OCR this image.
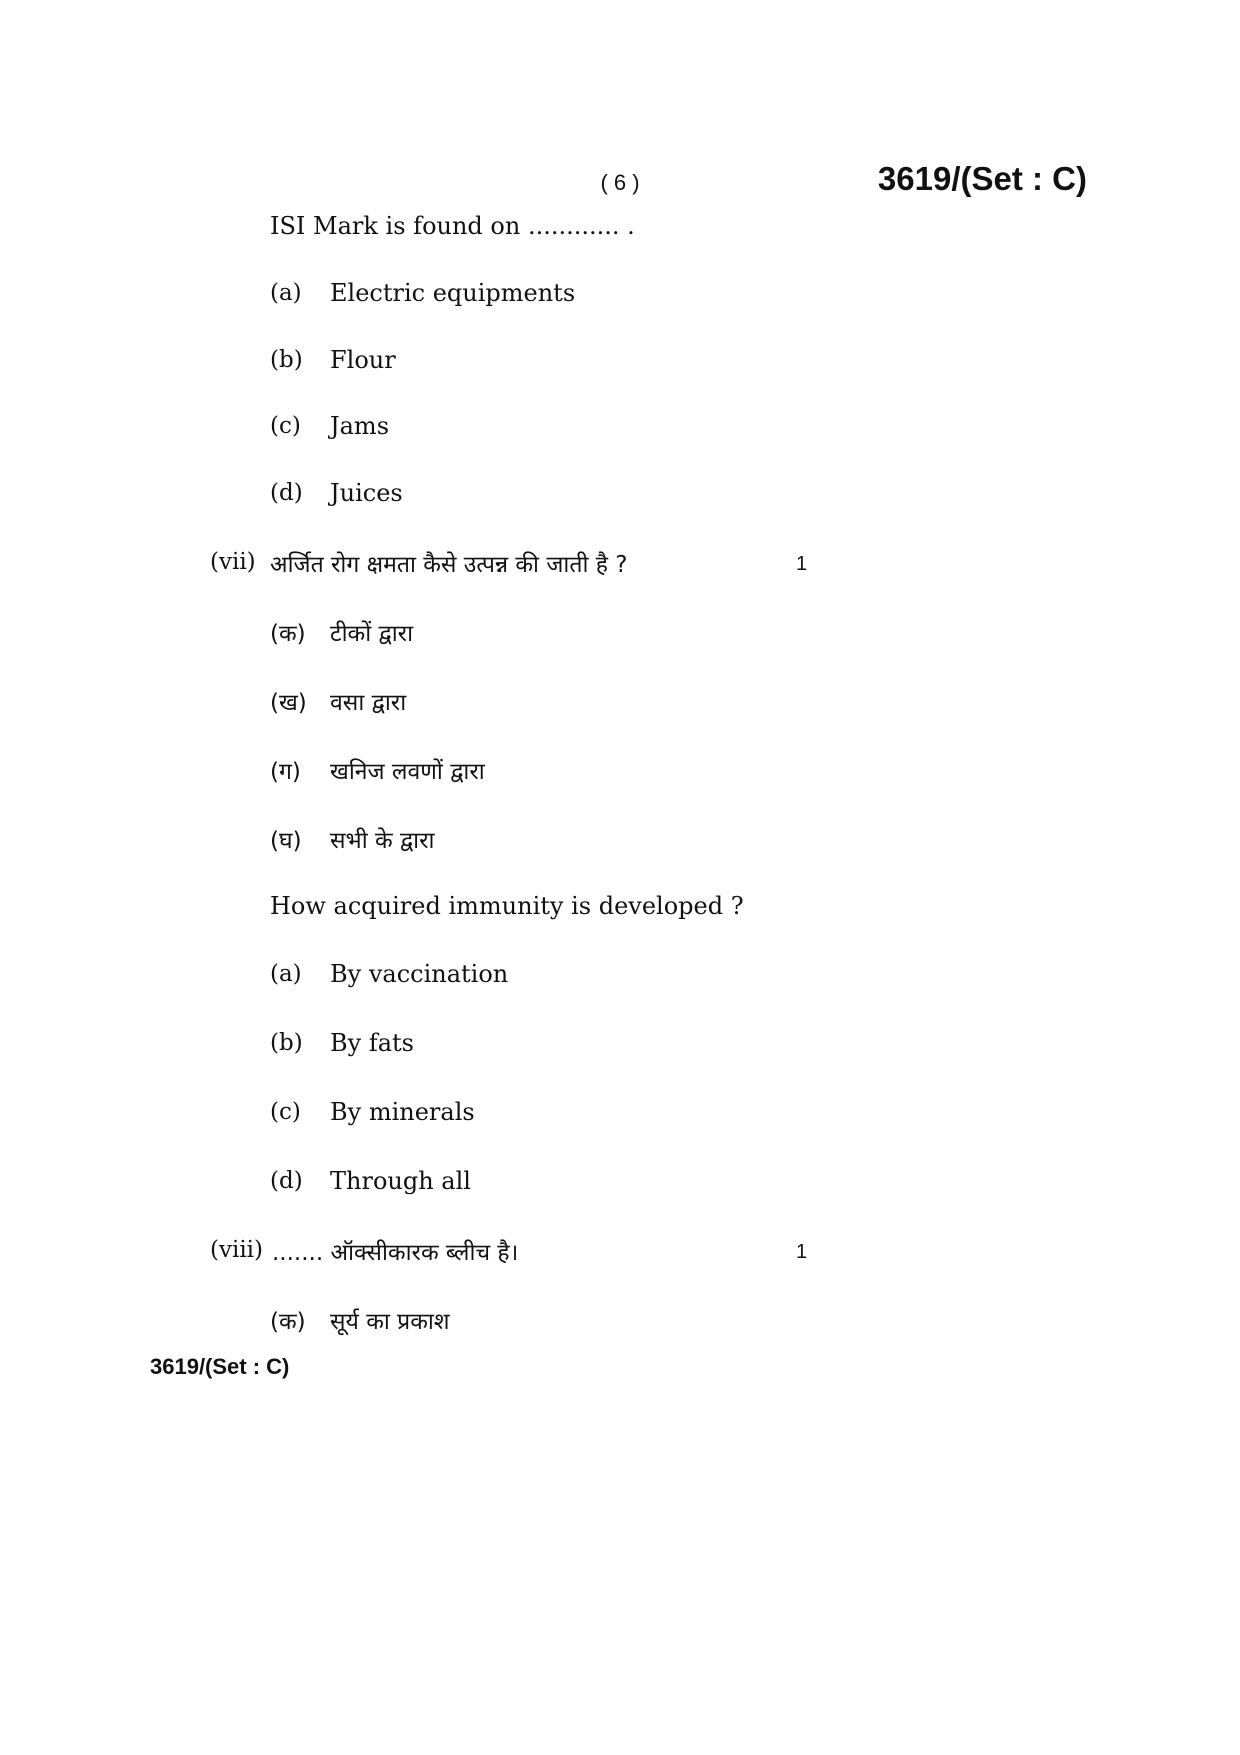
( 6 )	3619/(Set : C)
ISI Mark is found on ............ .
(a) Electric equipments
(b) Flour
(c) Jams
(d) Juices
(vii) अर्जित रोग क्षमता कैसे उत्पन्न की जाती है ?	1
(क) टीकों द्वारा
(ख) वसा द्वारा
(ग) खनिज लवणों द्वारा
(घ) सभी के द्वारा
How acquired immunity is developed ?
(a) By vaccination
(b) By fats
(c) By minerals
(d) Through all
(viii) ....... ऑक्सीकारक ब्लीच है।	1
(क) सूर्य का प्रकाश
3619/(Set : C)
